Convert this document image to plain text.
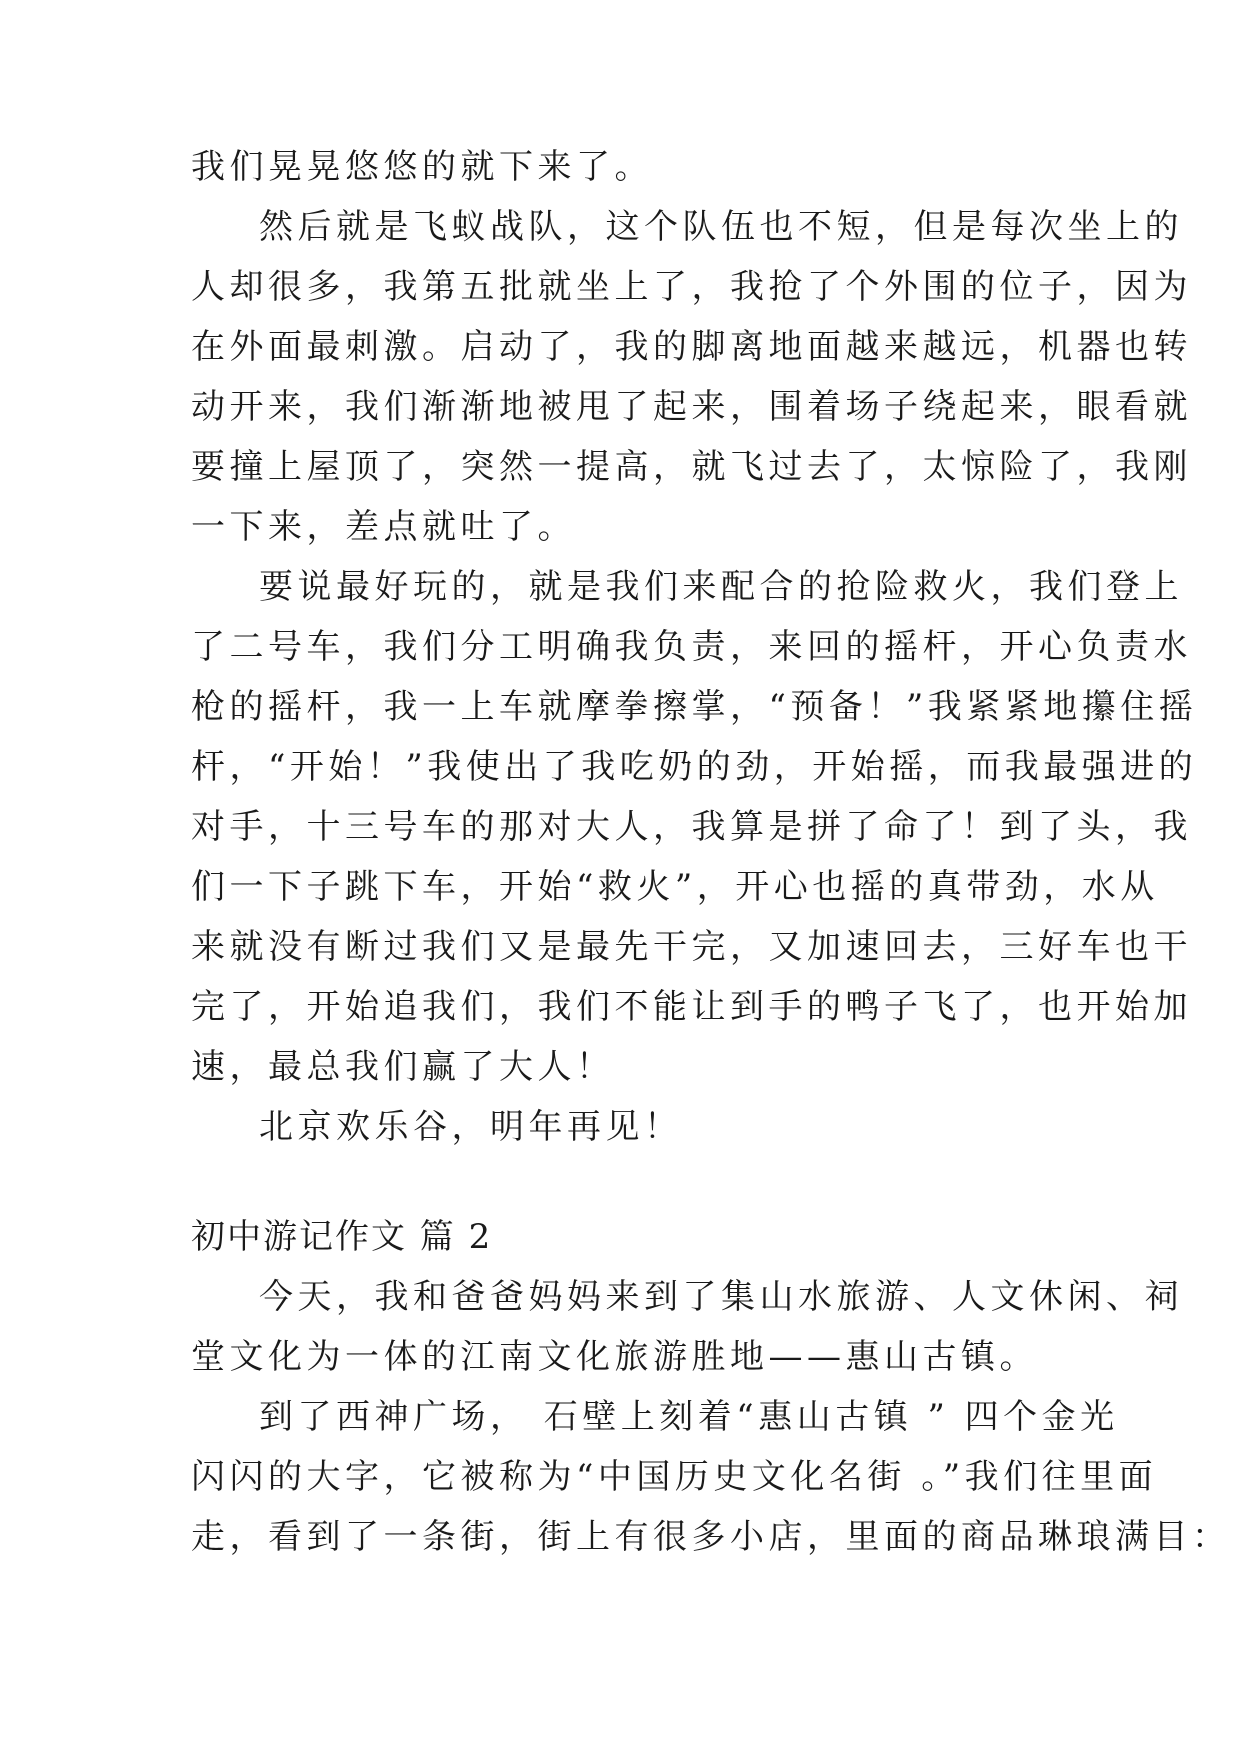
我们晃晃悠悠的就下来了。
然后就是飞蚁战队，这个队伍也不短，但是每次坐上的
人却很多，我第五批就坐上了，我抢了个外围的位子，因为
在外面最刺激。启动了，我的脚离地面越来越远，机器也转
动开来，我们渐渐地被甩了起来，围着场子绕起来，眼看就
要撞上屋顶了，突然一提高，就飞过去了，太惊险了，我刚
一下来，差点就吐了。
要说最好玩的，就是我们来配合的抢险救火，我们登上
了二号车，我们分工明确我负责，来回的摇杆，开心负责水
枪的摇杆，我一上车就摩拳擦掌，“预备！”我紧紧地攥住摇
杆，“开始！”我使出了我吃奶的劲，开始摇，而我最强进的
对手，十三号车的那对大人，我算是拼了命了！到了头，我
们一下子跳下车，开始“救火”，开心也摇的真带劲，水从
来就没有断过我们又是最先干完，又加速回去，三好车也干
完了，开始追我们，我们不能让到手的鸭子飞了，也开始加
速，最总我们赢了大人！
北京欢乐谷，明年再见！
初中游记作文 篇 2
今天，我和爸爸妈妈来到了集山水旅游、人文休闲、祠
堂文化为一体的江南文化旅游胜地——惠山古镇。
到了西神广场， 石壁上刻着“惠山古镇 ” 四个金光
闪闪的大字，它被称为“中国历史文化名街 。”我们往里面
走，看到了一条街，街上有很多小店，里面的商品琳琅满目：
